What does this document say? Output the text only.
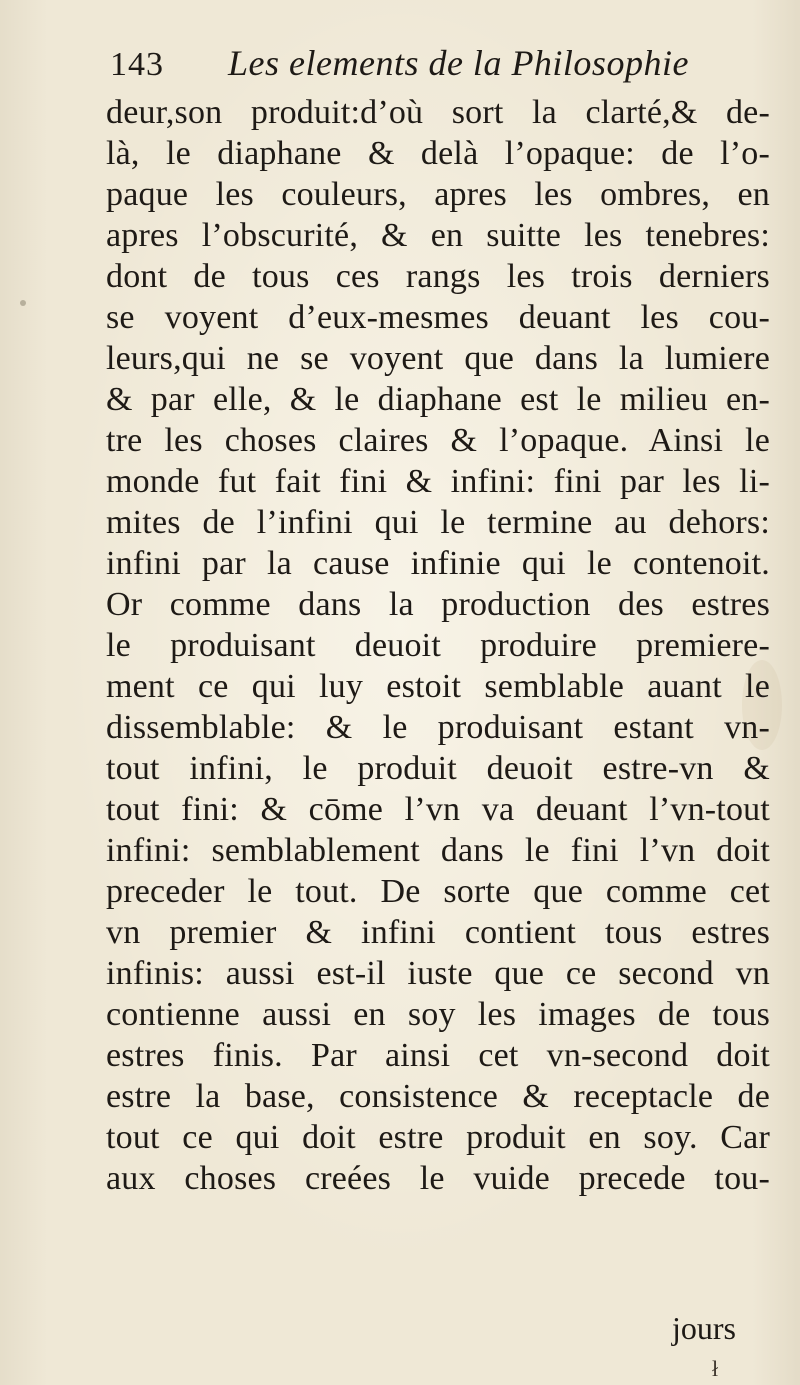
143 Les elements de la Philosophie
deur,son produit:d’où sort la clarté,& de-
là, le diaphane & delà l’opaque: de l’o-
paque les couleurs, apres les ombres, en
apres l’obscurité, & en suitte les tenebres:
dont de tous ces rangs les trois derniers
se voyent d’eux-mesmes deuant les cou-
leurs,qui ne se voyent que dans la lumiere
& par elle, & le diaphane est le milieu en-
tre les choses claires & l’opaque. Ainsi le
monde fut fait fini & infini: fini par les li-
mites de l’infini qui le termine au dehors:
infini par la cause infinie qui le contenoit.
Or comme dans la production des estres
le produisant deuoit produire premiere-
ment ce qui luy estoit semblable auant le
dissemblable: & le produisant estant vn-
tout infini, le produit deuoit estre-vn &
tout fini: & cōme l’vn va deuant l’vn-tout
infini: semblablement dans le fini l’vn doit
preceder le tout. De sorte que comme cet
vn premier & infini contient tous estres
infinis: aussi est-il iuste que ce second vn
contienne aussi en soy les images de tous
estres finis. Par ainsi cet vn-second doit
estre la base, consistence & receptacle de
tout ce qui doit estre produit en soy. Car
aux choses creées le vuide precede tou-
jours
ł
